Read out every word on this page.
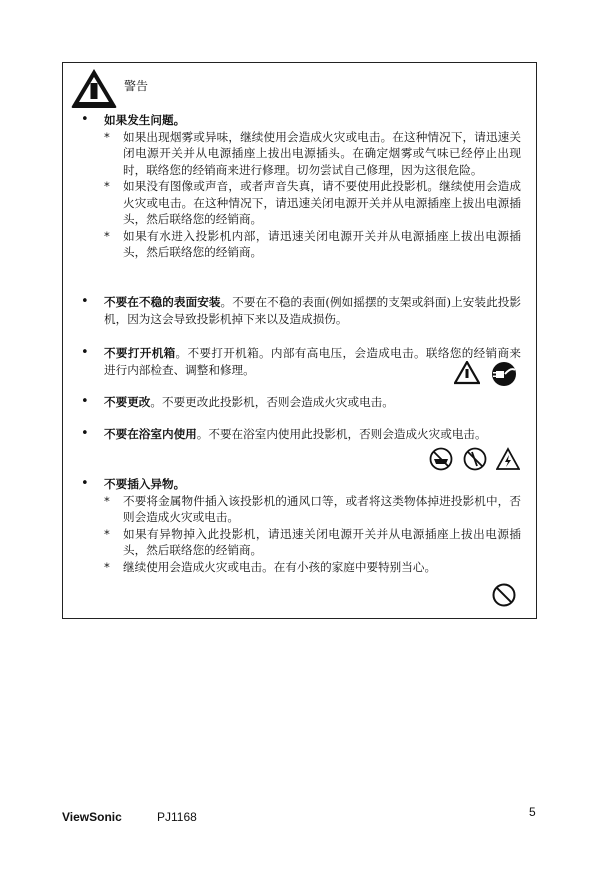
警告
• 如果发生问题。
* 如果出现烟雾或异味，继续使用会造成火灾或电击。在这种情况下，请迅速关闭电源开关并从电源插座上拔出电源插头。在确定烟雾或气味已经停止出现时，联络您的经销商来进行修理。切勿尝试自己修理，因为这很危险。
* 如果没有图像或声音，或者声音失真，请不要使用此投影机。继续使用会造成火灾或电击。在这种情况下，请迅速关闭电源开关并从电源插座上拔出电源插头，然后联络您的经销商。
* 如果有水进入投影机内部，请迅速关闭电源开关并从电源插座上拔出电源插头，然后联络您的经销商。
• 不要在不稳的表面安装。不要在不稳的表面(例如摇摆的支架或斜面)上安装此投影机，因为这会导致投影机掉下来以及造成损伤。
• 不要打开机箱。不要打开机箱。内部有高电压，会造成电击。联络您的经销商来进行内部检查、调整和修理。
• 不要更改。不要更改此投影机，否则会造成火灾或电击。
• 不要在浴室内使用。不要在浴室内使用此投影机，否则会造成火灾或电击。
• 不要插入异物。
* 不要将金属物件插入该投影机的通风口等，或者将这类物体掉进投影机中，否则会造成火灾或电击。
* 如果有异物掉入此投影机，请迅速关闭电源开关并从电源插座上拔出电源插头，然后联络您的经销商。
* 继续使用会造成火灾或电击。在有小孩的家庭中要特别当心。
ViewSonic	PJ1168	5
